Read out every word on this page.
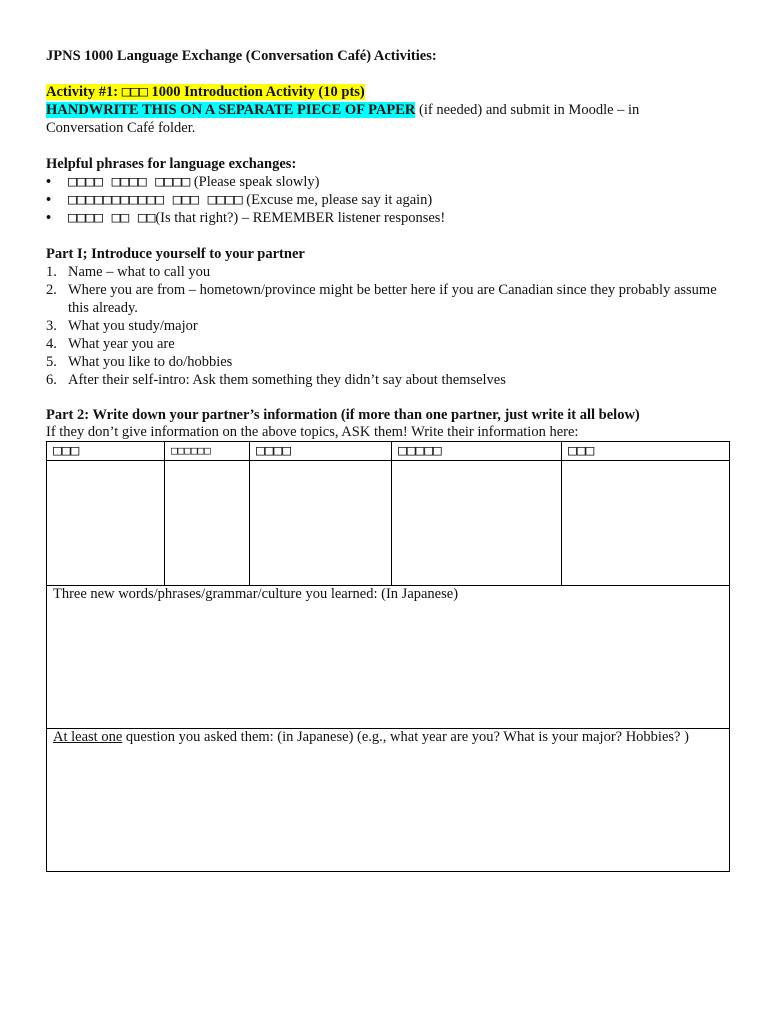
JPNS 1000 Language Exchange (Conversation Café) Activities:
Activity #1: □□□ 1000 Introduction Activity (10 pts)
HANDWRITE THIS ON A SEPARATE PIECE OF PAPER (if needed) and submit in Moodle – in
Conversation Café folder.
Helpful phrases for language exchanges:
• □□□□ □□□□ □□□□ (Please speak slowly)
• □□□□□□□□□□□ □□□ □□□□ (Excuse me, please say it again)
• □□□□ □□ □□(Is that right?) – REMEMBER listener responses!
Part I; Introduce yourself to your partner
1. Name – what to call you
2. Where you are from – hometown/province might be better here if you are Canadian since they probably assume this already.
3. What you study/major
4. What year you are
5. What you like to do/hobbies
6. After their self-intro: Ask them something they didn’t say about themselves
Part 2: Write down your partner’s information (if more than one partner, just write it all below)
If they don’t give information on the above topics, ASK them! Write their information here:
□□□	□□□□□□	□□□□	□□□□□	□□□

Three new words/phrases/grammar/culture you learned: (In Japanese)				
At least one question you asked them: (in Japanese) (e.g., what year are you? What is your major? Hobbies? )				
